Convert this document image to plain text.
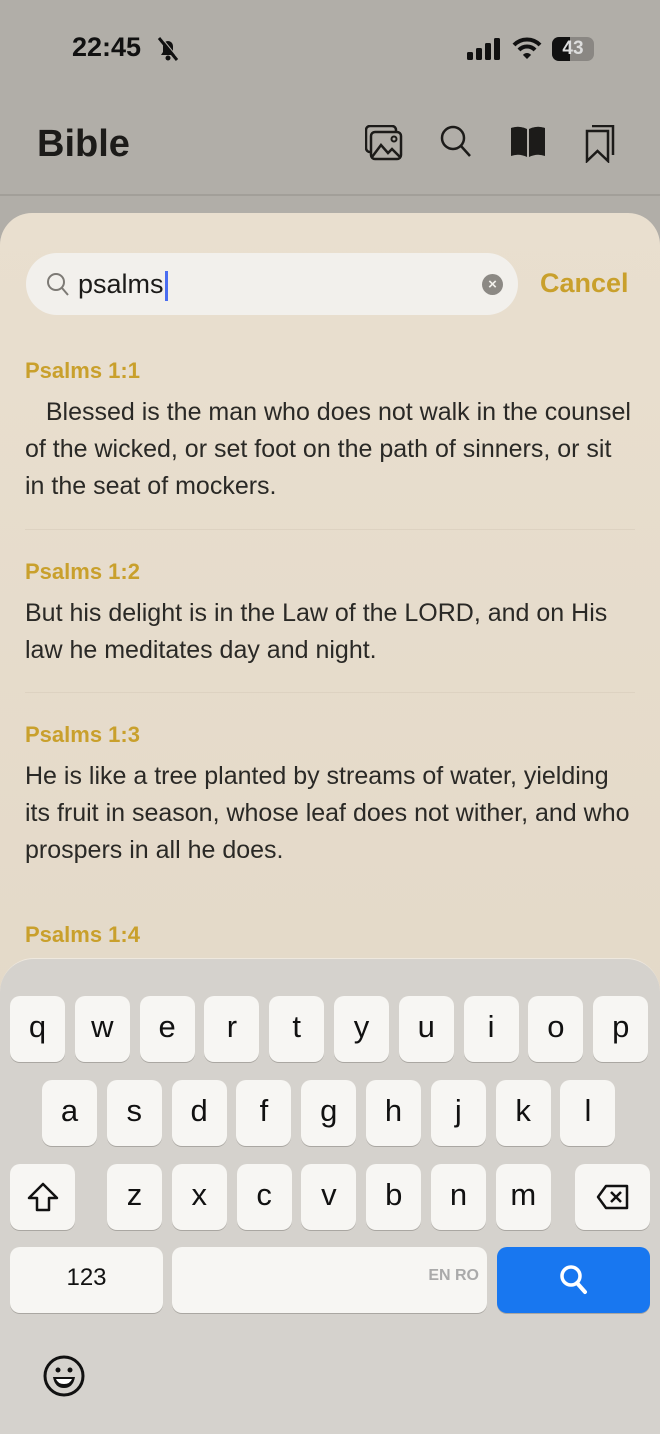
22:45	43
Bible
psalms	× Cancel
Psalms 1:1
Blessed is the man who does not walk in the counsel of the wicked, or set foot on the path of sinners, or sit in the seat of mockers.
Psalms 1:2
But his delight is in the Law of the LORD, and on His law he meditates day and night.
Psalms 1:3
He is like a tree planted by streams of water, yielding its fruit in season, whose leaf does not wither, and who prospers in all he does.
Psalms 1:4
123	EN RO
q	w	e	r	t	y	u	i	o	p
a	s	d	f	g	h	j	k	l
z	x	c	v	b	n	m
